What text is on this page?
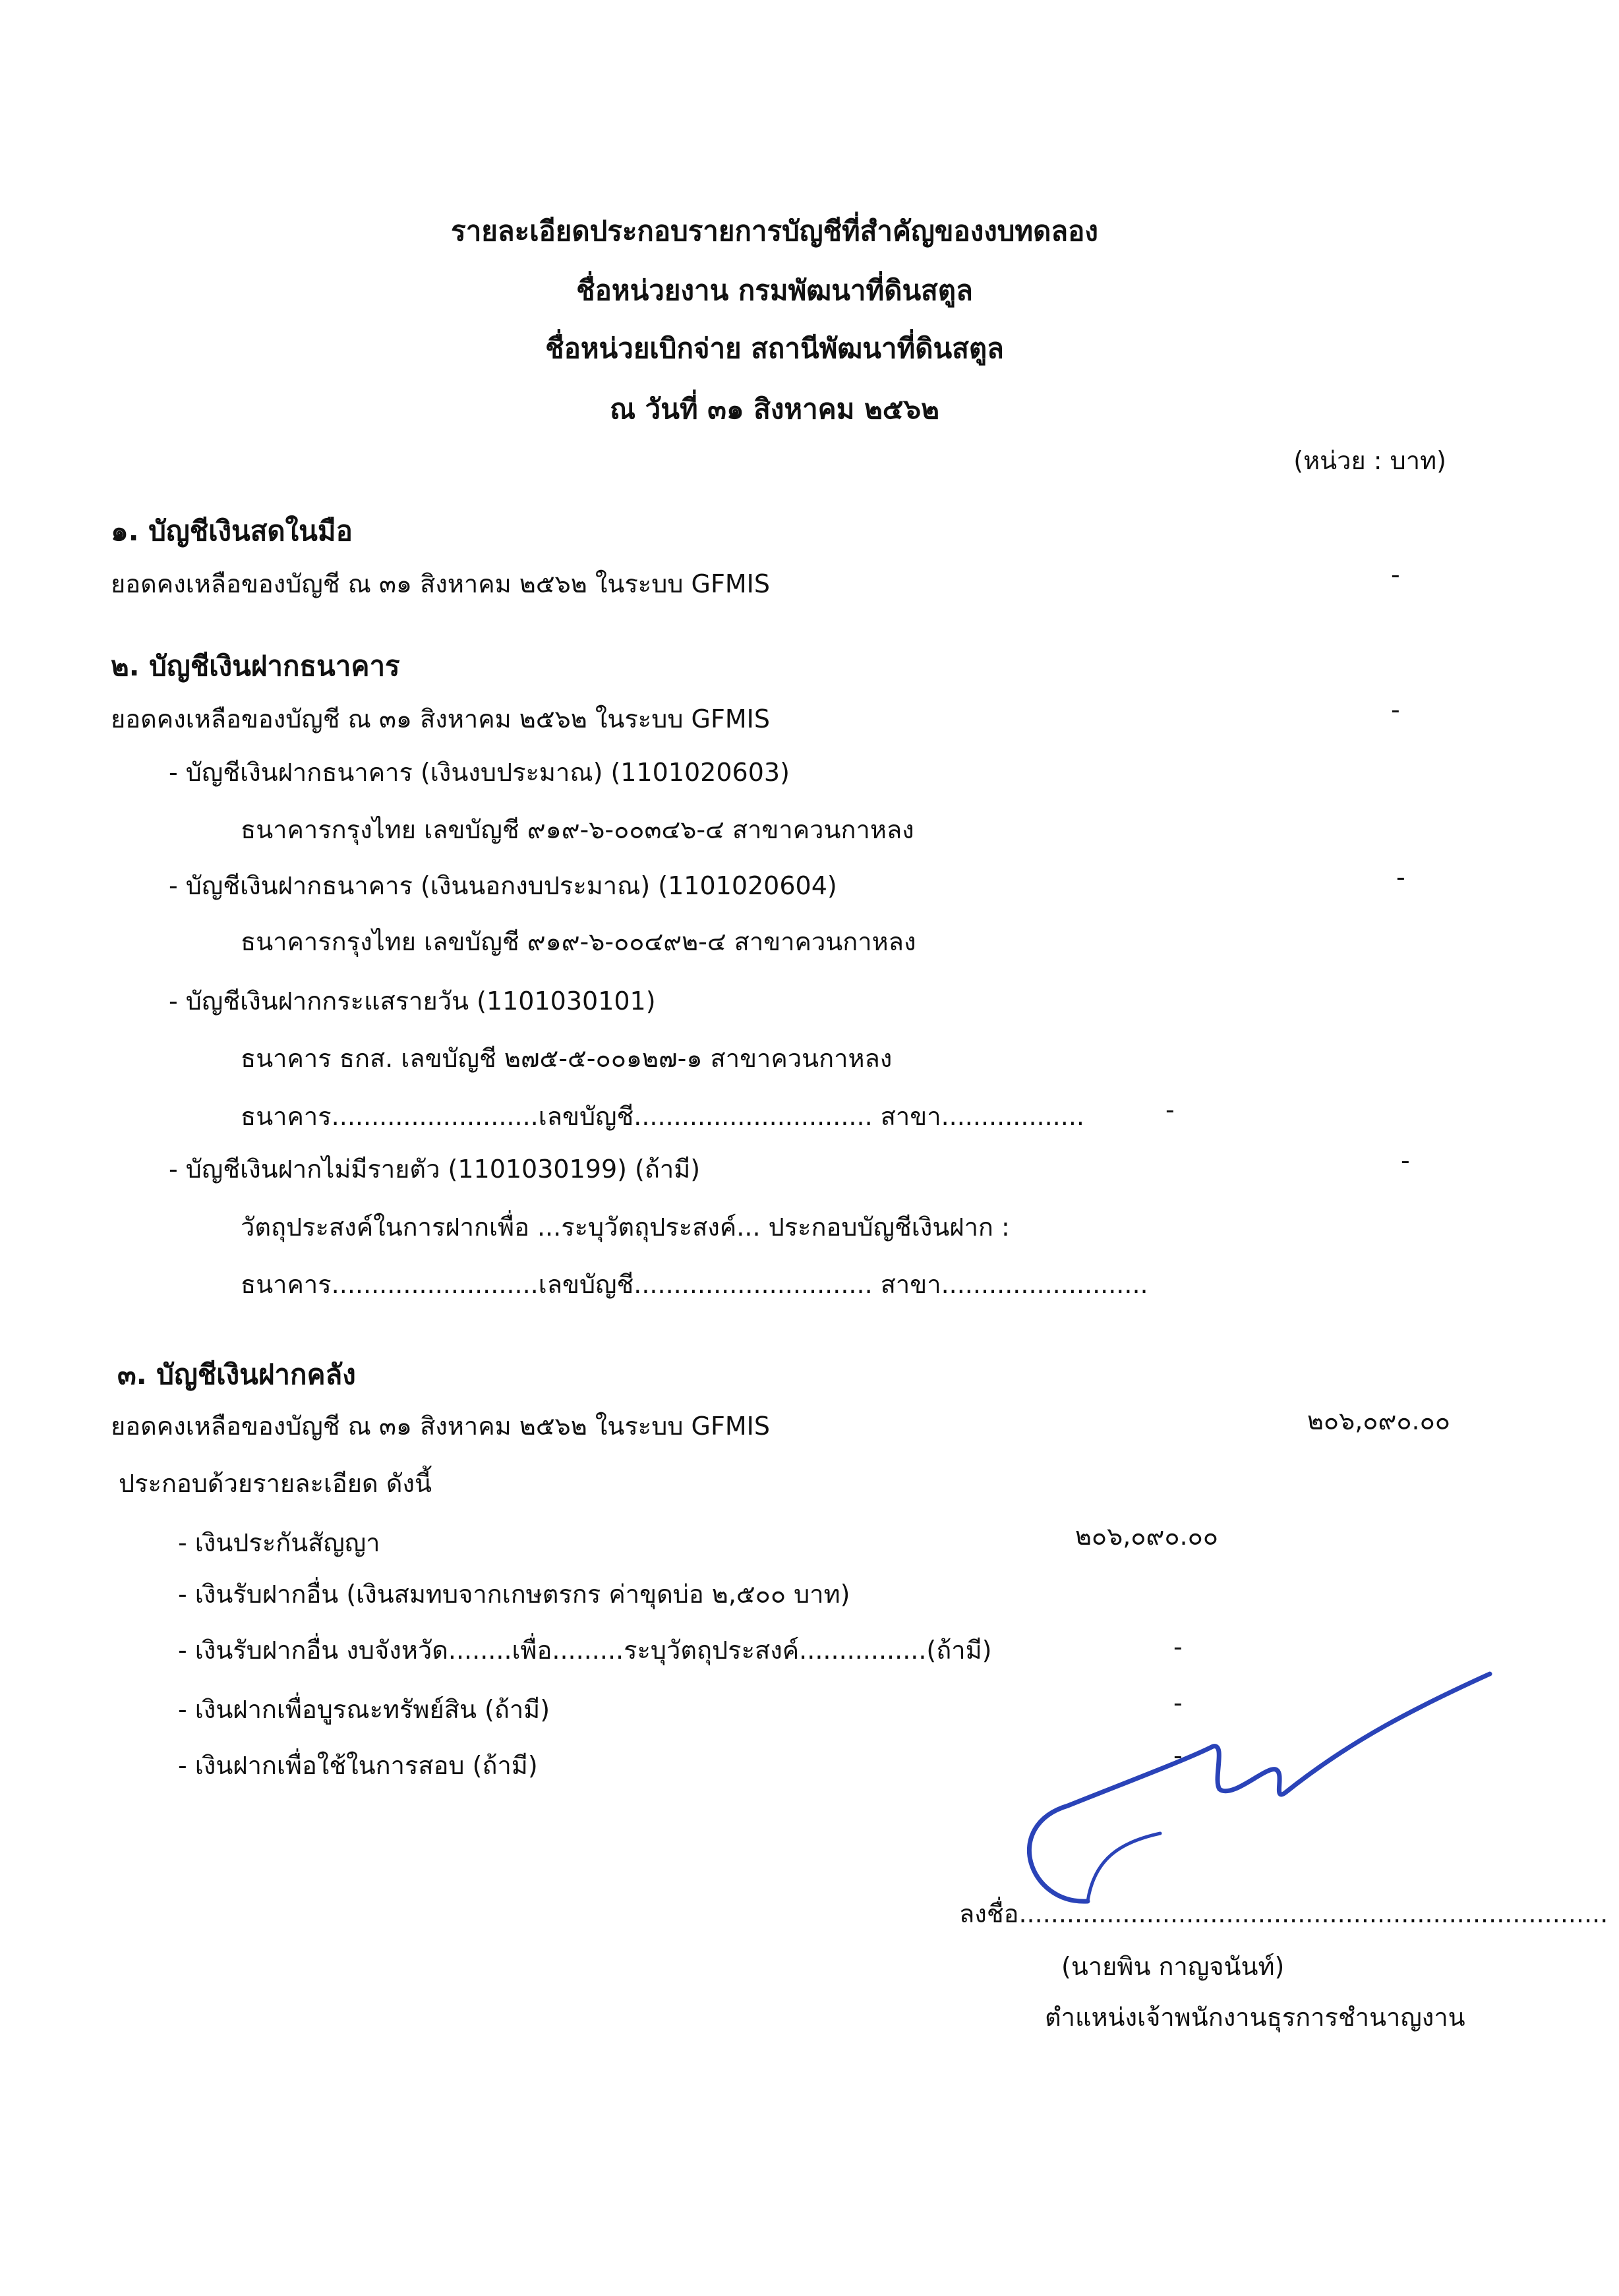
รายละเอียดประกอบรายการบัญชีที่สำคัญของงบทดลอง
ชื่อหน่วยงาน กรมพัฒนาที่ดินสตูล
ชื่อหน่วยเบิกจ่าย สถานีพัฒนาที่ดินสตูล
ณ วันที่ ๓๑ สิงหาคม ๒๕๖๒
(หน่วย : บาท)
๑. บัญชีเงินสดในมือ
ยอดคงเหลือของบัญชี ณ ๓๑ สิงหาคม ๒๕๖๒ ในระบบ GFMIS	-
๒. บัญชีเงินฝากธนาคาร
ยอดคงเหลือของบัญชี ณ ๓๑ สิงหาคม ๒๕๖๒ ในระบบ GFMIS	-
- บัญชีเงินฝากธนาคาร (เงินงบประมาณ) (1101020603)
ธนาคารกรุงไทย เลขบัญชี ๙๑๙-๖-๐๐๓๔๖-๔ สาขาควนกาหลง
- บัญชีเงินฝากธนาคาร (เงินนอกงบประมาณ) (1101020604)	-
ธนาคารกรุงไทย เลขบัญชี ๙๑๙-๖-๐๐๔๙๒-๔ สาขาควนกาหลง
- บัญชีเงินฝากกระแสรายวัน (1101030101)
ธนาคาร ธกส. เลขบัญชี ๒๗๕-๕-๐๐๑๒๗-๑ สาขาควนกาหลง
ธนาคาร..........................เลขบัญชี.............................. สาขา..................	-
- บัญชีเงินฝากไม่มีรายตัว (1101030199) (ถ้ามี)	-
วัตถุประสงค์ในการฝากเพื่อ ...ระบุวัตถุประสงค์... ประกอบบัญชีเงินฝาก :
ธนาคาร..........................เลขบัญชี.............................. สาขา..........................
๓. บัญชีเงินฝากคลัง
ยอดคงเหลือของบัญชี ณ ๓๑ สิงหาคม ๒๕๖๒ ในระบบ GFMIS	๒๐๖,๐๙๐.๐๐
ประกอบด้วยรายละเอียด ดังนี้
- เงินประกันสัญญา	๒๐๖,๐๙๐.๐๐
- เงินรับฝากอื่น (เงินสมทบจากเกษตรกร ค่าขุดบ่อ ๒,๕๐๐ บาท)
- เงินรับฝากอื่น งบจังหวัด........เพื่อ.........ระบุวัตถุประสงค์................(ถ้ามี)	-
- เงินฝากเพื่อบูรณะทรัพย์สิน (ถ้ามี)	-
- เงินฝากเพื่อใช้ในการสอบ (ถ้ามี)	-
ลงชื่อ..........................................................................
(นายพิน กาญจนันท์)
ตำแหน่งเจ้าพนักงานธุรการชำนาญงาน
